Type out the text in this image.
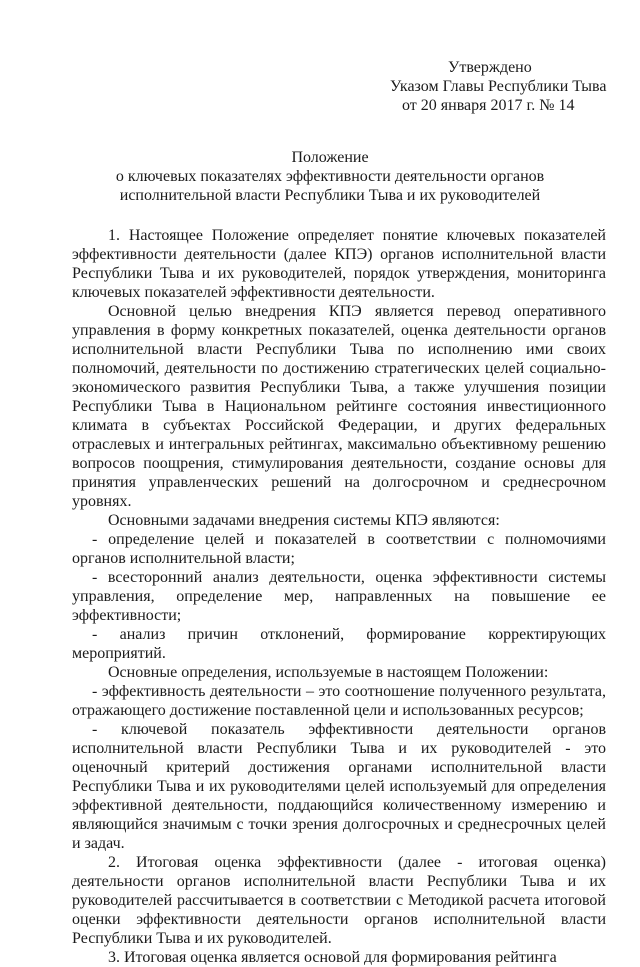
Утверждено
Указом Главы Республики Тыва
от 20 января 2017 г. № 14
Положение
о ключевых показателях эффективности деятельности органов
исполнительной власти Республики Тыва и их руководителей

1. Настоящее Положение определяет понятие ключевых показателей эффективности деятельности (далее КПЭ) органов исполнительной власти Республики Тыва и их руководителей, порядок утверждения, мониторинга ключевых показателей эффективности деятельности.

Основной целью внедрения КПЭ является перевод оперативного управления в форму конкретных показателей, оценка деятельности органов исполнительной власти Республики Тыва по исполнению ими своих полномочий, деятельности по достижению стратегических целей социально-экономического развития Республики Тыва, а также улучшения позиции Республики Тыва в Национальном рейтинге состояния инвестиционного климата в субъектах Российской Федерации, и других федеральных отраслевых и интегральных рейтингах, максимально объективному решению вопросов поощрения, стимулирования деятельности, создание основы для принятия управленческих решений на долгосрочном и среднесрочном уровнях.

Основными задачами внедрения системы КПЭ являются:

- определение целей и показателей в соответствии с полномочиями органов исполнительной власти;

- всесторонний анализ деятельности, оценка эффективности системы управления, определение мер, направленных на повышение ее эффективности;

- анализ причин отклонений, формирование корректирующих мероприятий.

Основные определения, используемые в настоящем Положении:

- эффективность деятельности – это соотношение полученного результата, отражающего достижение поставленной цели и использованных ресурсов;

- ключевой показатель эффективности деятельности органов исполнительной власти Республики Тыва и их руководителей - это оценочный критерий достижения органами исполнительной власти Республики Тыва и их руководителями целей используемый для определения эффективной деятельности, поддающийся количественному измерению и являющийся значимым с точки зрения долгосрочных и среднесрочных целей и задач.

2. Итоговая оценка эффективности (далее - итоговая оценка) деятельности органов исполнительной власти Республики Тыва и их руководителей рассчитывается в соответствии с Методикой расчета итоговой оценки эффективности деятельности органов исполнительной власти Республики Тыва и их руководителей.

3. Итоговая оценка является основой для формирования рейтинга
